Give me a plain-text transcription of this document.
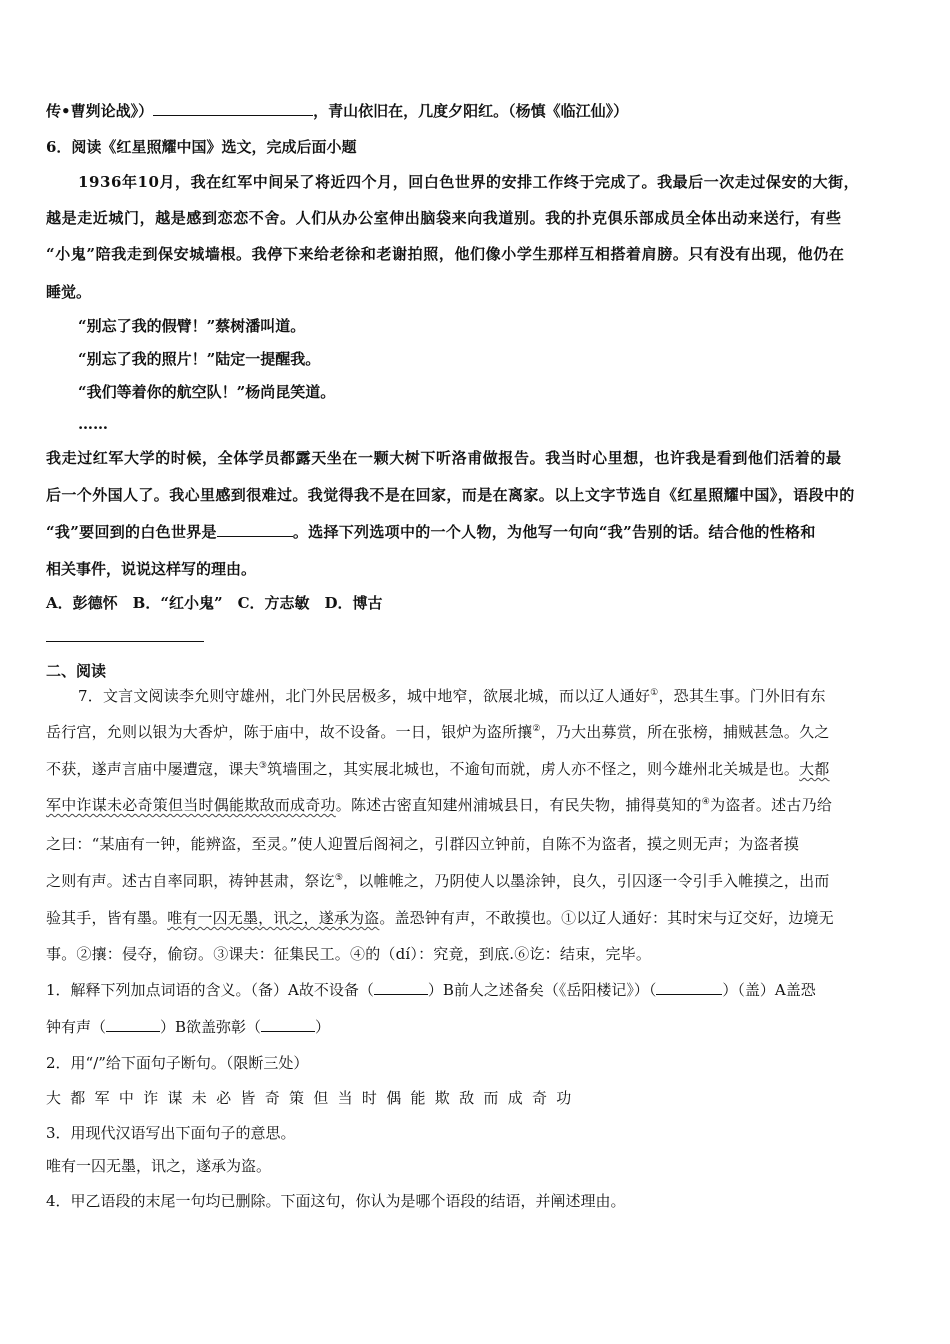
传•曹刿论战》）	，青山依旧在，几度夕阳红。（杨慎《临江仙》）
6．阅读《红星照耀中国》选文，完成后面小题
1936年10月，我在红军中间呆了将近四个月，回白色世界的安排工作终于完成了。我最后一次走过保安的大街，
越是走近城门，越是感到恋恋不舍。人们从办公室伸出脑袋来向我道别。我的扑克俱乐部成员全体出动来送行，有些
“小鬼”陪我走到保安城墙根。我停下来给老徐和老谢拍照，他们像小学生那样互相搭着肩膀。只有没有出现，他仍在
睡觉。
“别忘了我的假臂！”蔡树潘叫道。
“别忘了我的照片！”陆定一提醒我。
“我们等着你的航空队！”杨尚昆笑道。
……
我走过红军大学的时候，全体学员都露天坐在一颗大树下听洛甫做报告。我当时心里想，也许我是看到他们活着的最
后一个外国人了。我心里感到很难过。我觉得我不是在回家，而是在离家。以上文字节选自《红星照耀中国》，语段中的
“我”要回到的白色世界是	。选择下列选项中的一个人物，为他写一句向“我”告别的话。结合他的性格和
相关事件，说说这样写的理由。
A．彭德怀　B．“红小鬼”　C．方志敏　D．博古
二、阅读
7．文言文阅读李允则守雄州，北门外民居极多，城中地窄，欲展北城，而以辽人通好①，恐其生事。门外旧有东
岳行宫，允则以银为大香炉，陈于庙中，故不设备。一日，银炉为盗所攘②，乃大出募赏，所在张榜，捕贼甚急。久之
不获，遂声言庙中屡遭寇，课夫③筑墙围之，其实展北城也，不逾旬而就，虏人亦不怪之，则今雄州北关城是也。大都
军中诈谋未必奇策但当时偶能欺敌而成奇功。陈述古密直知建州浦城县日，有民失物，捕得莫知的④为盗者。述古乃给
之曰：“某庙有一钟，能辨盗，至灵。”使人迎置后阁祠之，引群囚立钟前，自陈不为盗者，摸之则无声；为盗者摸
之则有声。述古自率同职，祷钟甚肃，祭讫⑤，以帷帷之，乃阴使人以墨涂钟，良久，引囚逐一令引手入帷摸之，出而
验其手，皆有墨。唯有一囚无墨，讯之，遂承为盗。盖恐钟有声，不敢摸也。①以辽人通好：其时宋与辽交好，边境无
事。②攘：侵夺，偷窃。③课夫：征集民工。④的（dí）：究竟，到底.⑥讫：结束，完毕。
1．解释下列加点词语的含义。（备）A故不设备（	）B前人之述备矣（《岳阳楼记》）（	）（盖）A盖恐
钟有声（	）B欲盖弥彰（	）
2．用“/”给下面句子断句。（限断三处）
大都军中诈谋未必皆奇策但当时偶能欺敌而成奇功
3．用现代汉语写出下面句子的意思。
唯有一囚无墨，讯之，遂承为盗。
4．甲乙语段的末尾一句均已删除。下面这句，你认为是哪个语段的结语，并阐述理由。
